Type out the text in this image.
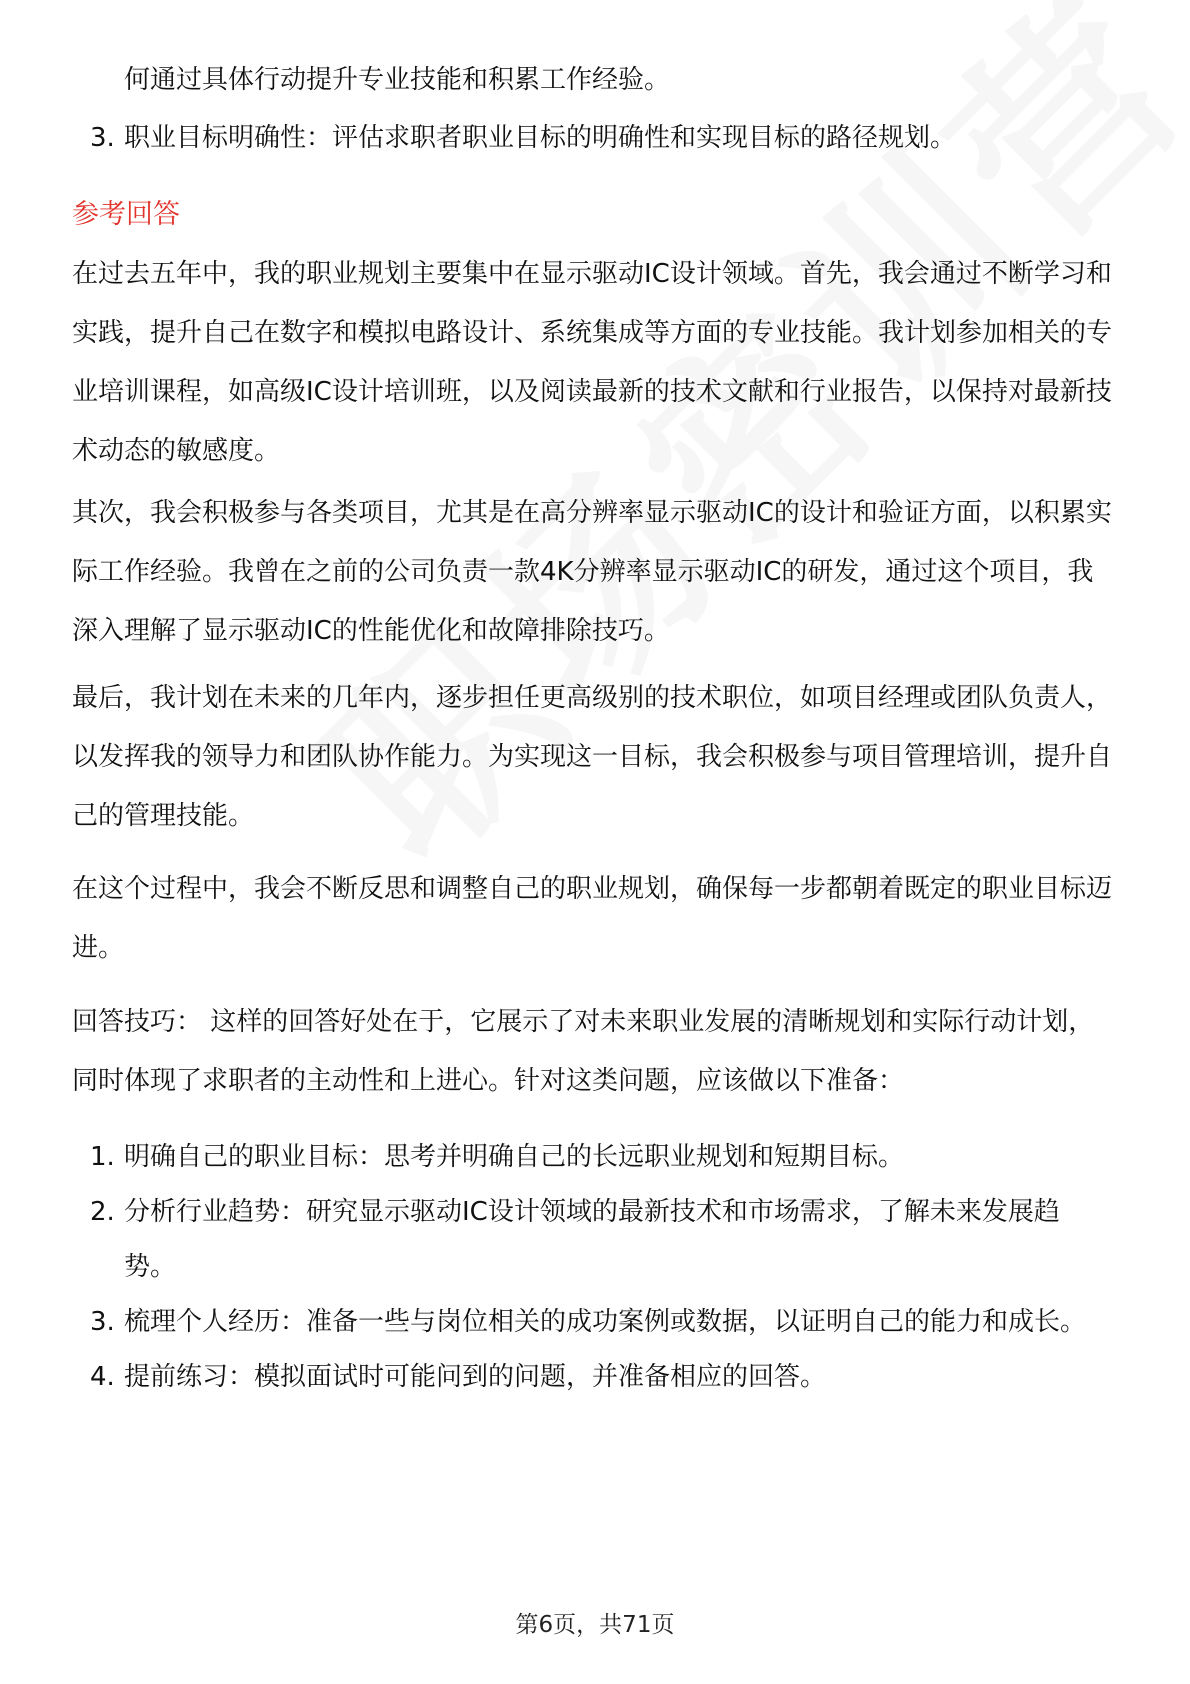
何通过具体行动提升专业技能和积累工作经验。
3. 职业目标明确性：评估求职者职业目标的明确性和实现目标的路径规划。
参考回答
在过去五年中，我的职业规划主要集中在显示驱动IC设计领域。首先，我会通过不断学习和实践，提升自己在数字和模拟电路设计、系统集成等方面的专业技能。我计划参加相关的专业培训课程，如高级IC设计培训班，以及阅读最新的技术文献和行业报告，以保持对最新技术动态的敏感度。
其次，我会积极参与各类项目，尤其是在高分辨率显示驱动IC的设计和验证方面，以积累实际工作经验。我曾在之前的公司负责一款4K分辨率显示驱动IC的研发，通过这个项目，我深入理解了显示驱动IC的性能优化和故障排除技巧。
最后，我计划在未来的几年内，逐步担任更高级别的技术职位，如项目经理或团队负责人，以发挥我的领导力和团队协作能力。为实现这一目标，我会积极参与项目管理培训，提升自己的管理技能。
在这个过程中，我会不断反思和调整自己的职业规划，确保每一步都朝着既定的职业目标迈进。
回答技巧： 这样的回答好处在于，它展示了对未来职业发展的清晰规划和实际行动计划，同时体现了求职者的主动性和上进心。针对这类问题，应该做以下准备：
1. 明确自己的职业目标：思考并明确自己的长远职业规划和短期目标。
2. 分析行业趋势：研究显示驱动IC设计领域的最新技术和市场需求，了解未来发展趋势。
3. 梳理个人经历：准备一些与岗位相关的成功案例或数据，以证明自己的能力和成长。
4. 提前练习：模拟面试时可能问到的问题，并准备相应的回答。
第6页，共71页
